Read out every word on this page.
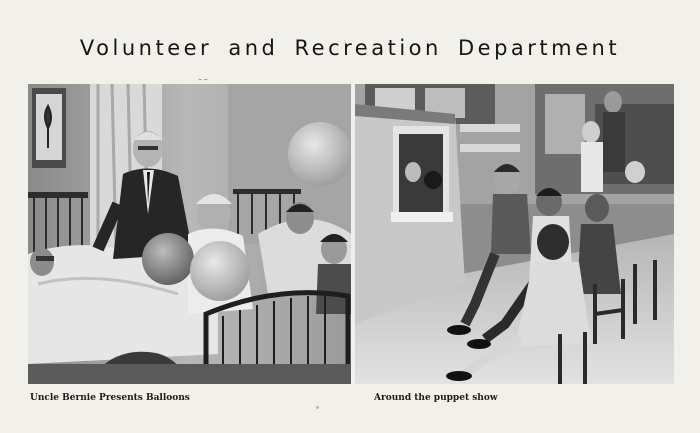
Volunteer and Recreation Department
~ ~
Uncle Bernie Presents Balloons	Around the puppet show
